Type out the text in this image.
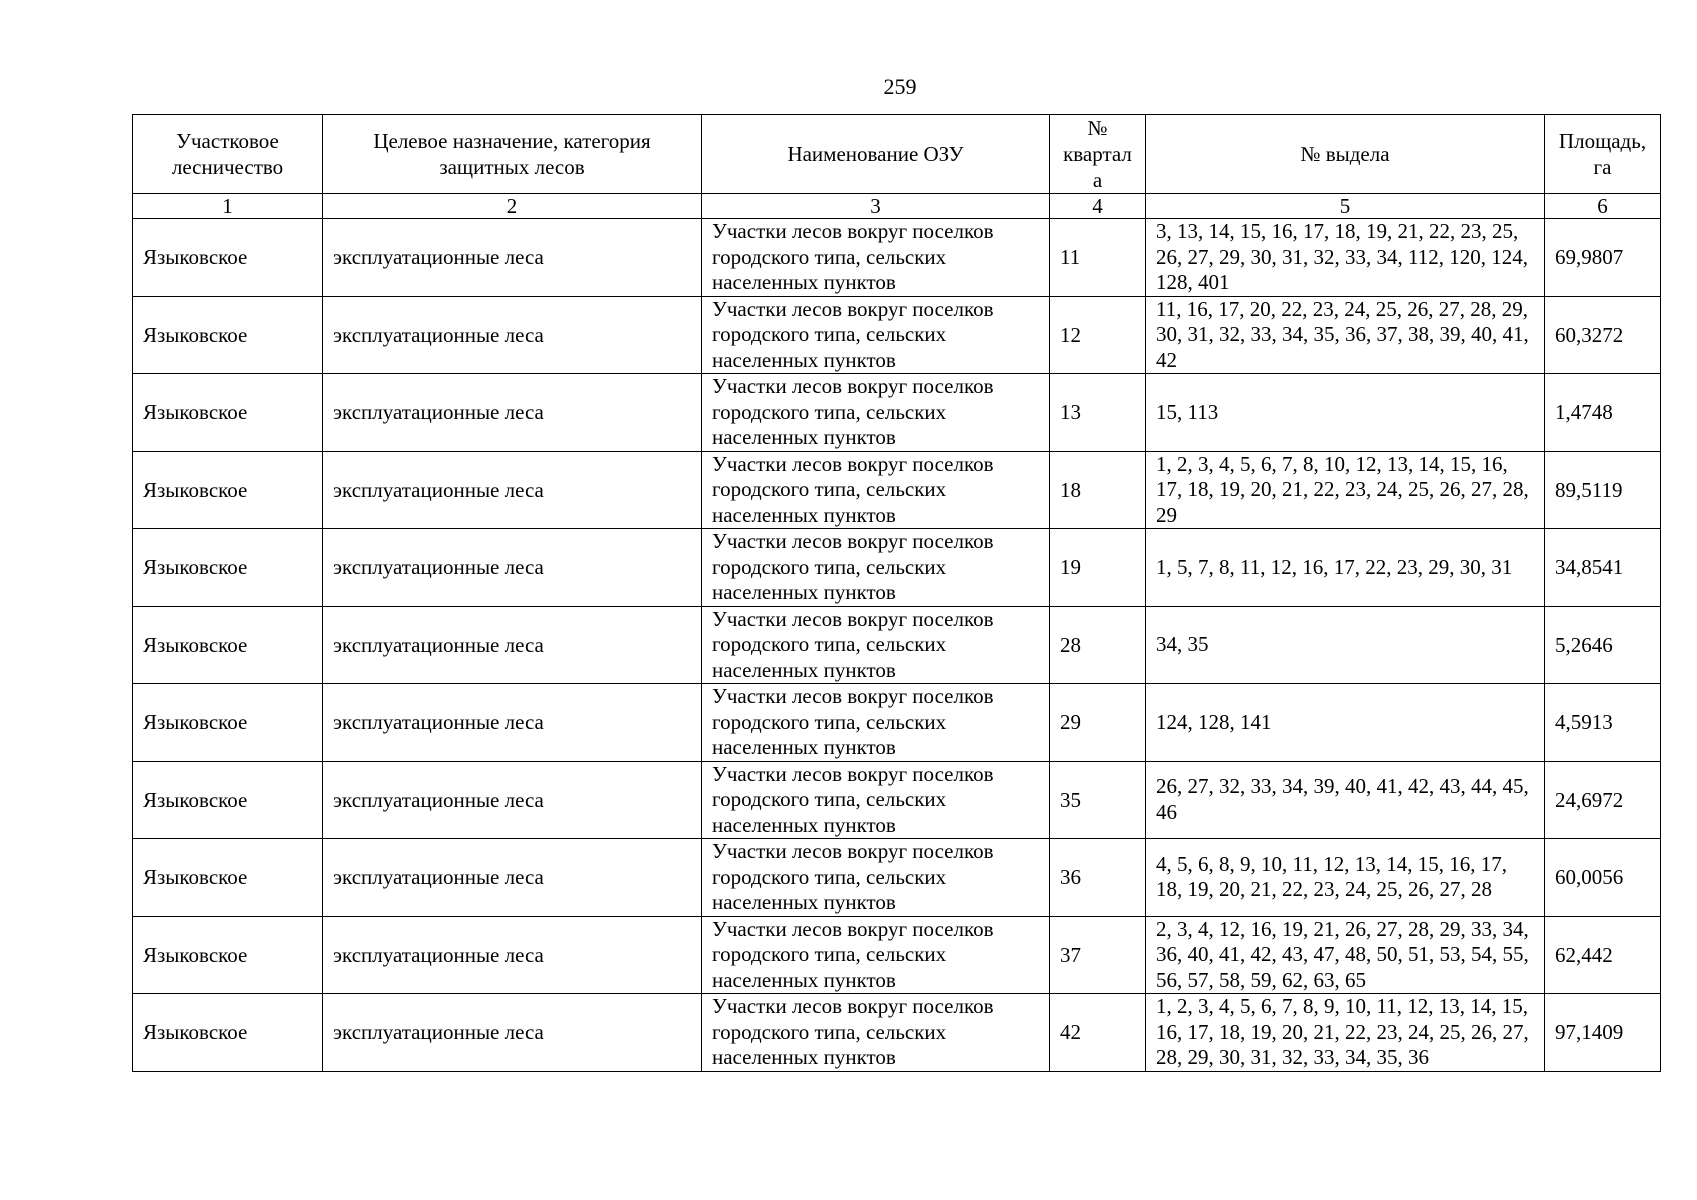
259
Участковое лесничество	Целевое назначение, категория защитных лесов	Наименование ОЗУ	№ квартал а	№ выдела	Площадь, га
1	2	3	4	5	6
Языковское	эксплуатационные леса	Участки лесов вокруг поселков городского типа, сельских населенных пунктов	11	3, 13, 14, 15, 16, 17, 18, 19, 21, 22, 23, 25, 26, 27, 29, 30, 31, 32, 33, 34, 112, 120, 124, 128, 401	69,9807
Языковское	эксплуатационные леса	Участки лесов вокруг поселков городского типа, сельских населенных пунктов	12	11, 16, 17, 20, 22, 23, 24, 25, 26, 27, 28, 29, 30, 31, 32, 33, 34, 35, 36, 37, 38, 39, 40, 41, 42	60,3272
Языковское	эксплуатационные леса	Участки лесов вокруг поселков городского типа, сельских населенных пунктов	13	15, 113	1,4748
Языковское	эксплуатационные леса	Участки лесов вокруг поселков городского типа, сельских населенных пунктов	18	1, 2, 3, 4, 5, 6, 7, 8, 10, 12, 13, 14, 15, 16, 17, 18, 19, 20, 21, 22, 23, 24, 25, 26, 27, 28, 29	89,5119
Языковское	эксплуатационные леса	Участки лесов вокруг поселков городского типа, сельских населенных пунктов	19	1, 5, 7, 8, 11, 12, 16, 17, 22, 23, 29, 30, 31	34,8541
Языковское	эксплуатационные леса	Участки лесов вокруг поселков городского типа, сельских населенных пунктов	28	34, 35	5,2646
Языковское	эксплуатационные леса	Участки лесов вокруг поселков городского типа, сельских населенных пунктов	29	124, 128, 141	4,5913
Языковское	эксплуатационные леса	Участки лесов вокруг поселков городского типа, сельских населенных пунктов	35	26, 27, 32, 33, 34, 39, 40, 41, 42, 43, 44, 45, 46	24,6972
Языковское	эксплуатационные леса	Участки лесов вокруг поселков городского типа, сельских населенных пунктов	36	4, 5, 6, 8, 9, 10, 11, 12, 13, 14, 15, 16, 17, 18, 19, 20, 21, 22, 23, 24, 25, 26, 27, 28	60,0056
Языковское	эксплуатационные леса	Участки лесов вокруг поселков городского типа, сельских населенных пунктов	37	2, 3, 4, 12, 16, 19, 21, 26, 27, 28, 29, 33, 34, 36, 40, 41, 42, 43, 47, 48, 50, 51, 53, 54, 55, 56, 57, 58, 59, 62, 63, 65	62,442
Языковское	эксплуатационные леса	Участки лесов вокруг поселков городского типа, сельских населенных пунктов	42	1, 2, 3, 4, 5, 6, 7, 8, 9, 10, 11, 12, 13, 14, 15, 16, 17, 18, 19, 20, 21, 22, 23, 24, 25, 26, 27, 28, 29, 30, 31, 32, 33, 34, 35, 36	97,1409
